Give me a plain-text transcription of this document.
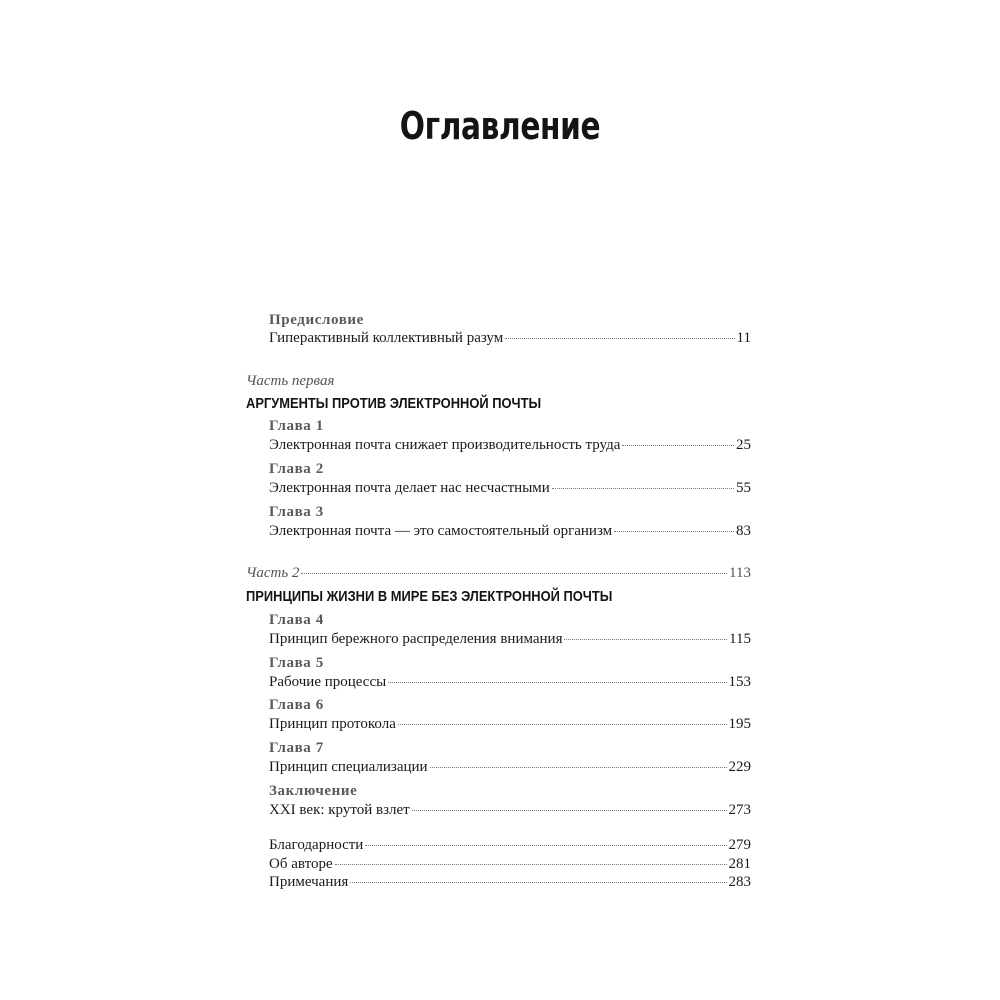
Оглавление
Предисловие
Гиперактивный коллективный разум	11
Часть первая
АРГУМЕНТЫ ПРОТИВ ЭЛЕКТРОННОЙ ПОЧТЫ
Глава 1
Электронная почта снижает производительность труда	25
Глава 2
Электронная почта делает нас несчастными	55
Глава 3
Электронная почта — это самостоятельный организм	83
Часть 2	113
ПРИНЦИПЫ ЖИЗНИ В МИРЕ БЕЗ ЭЛЕКТРОННОЙ ПОЧТЫ
Глава 4
Принцип бережного распределения внимания	115
Глава 5
Рабочие процессы	153
Глава 6
Принцип протокола	195
Глава 7
Принцип специализации	229
Заключение
XXI век: крутой взлет	273
Благодарности	279
Об авторе	281
Примечания	283
